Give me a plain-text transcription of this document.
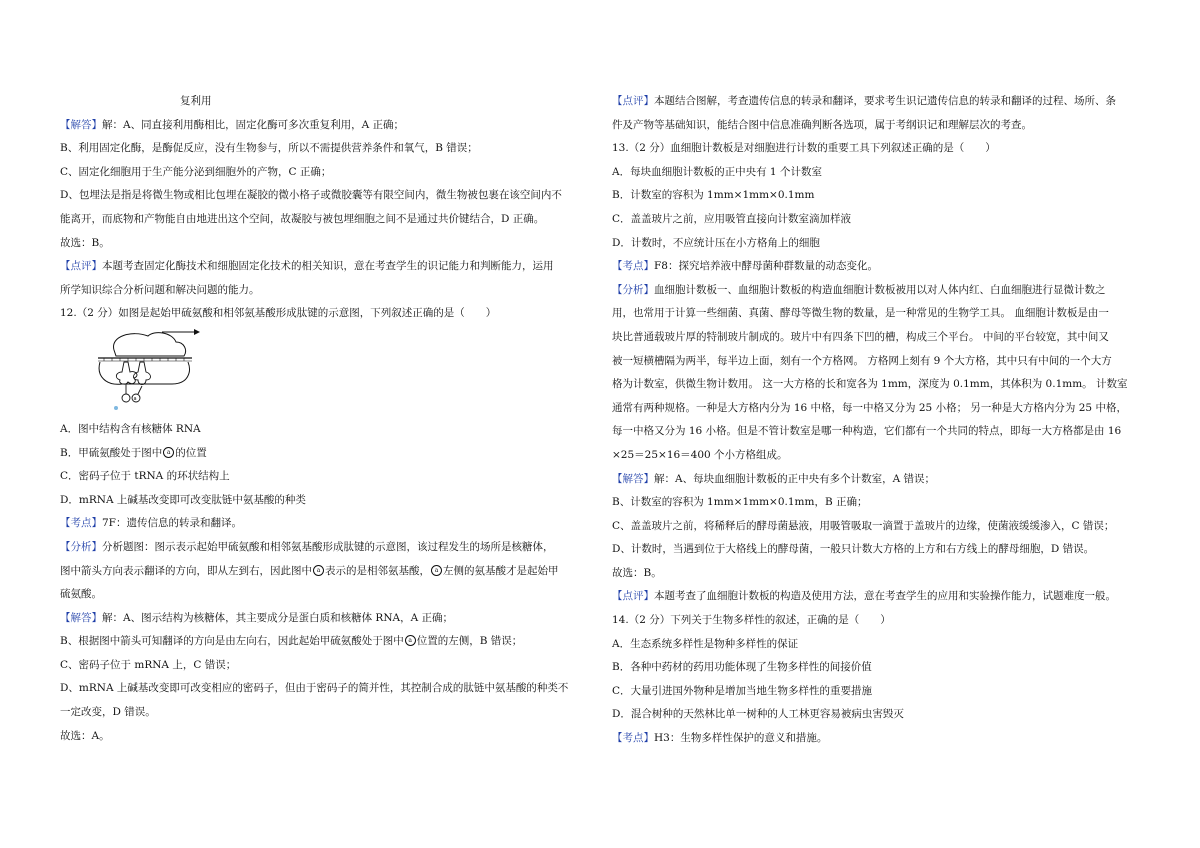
复利用

【解答】解：A、同直接利用酶相比，固定化酶可多次重复利用，A 正确；

B、利用固定化酶，是酶促反应，没有生物参与，所以不需提供营养条件和氧气，B 错误；

C、固定化细胞用于生产能分泌到细胞外的产物，C 正确；

D、包埋法是指是将微生物或相比包埋在凝胶的微小格子或微胶囊等有限空间内，微生物被包裹在该空间内不

能离开，而底物和产物能自由地进出这个空间，故凝胶与被包埋细胞之间不是通过共价键结合，D 正确。

故选：B。

【点评】本题考查固定化酶技术和细胞固定化技术的相关知识，意在考查学生的识记能力和判断能力，运用

所学知识综合分析问题和解决问题的能力。

12.（2 分）如图是起始甲硫氨酸和相邻氨基酸形成肽键的示意图，下列叙述正确的是（　　）

a

A．图中结构含有核糖体 RNA

B．甲硫氨酸处于图中 a 的位置

C．密码子位于 tRNA 的环状结构上

D．mRNA 上碱基改变即可改变肽链中氨基酸的种类

【考点】7F：遗传信息的转录和翻译。

【分析】分析题图：图示表示起始甲硫氨酸和相邻氨基酸形成肽键的示意图，该过程发生的场所是核糖体，

图中箭头方向表示翻译的方向，即从左到右，因此图中 a 表示的是相邻氨基酸， a 左侧的氨基酸才是起始甲

硫氨酸。

【解答】解：A、图示结构为核糖体，其主要成分是蛋白质和核糖体 RNA，A 正确；

B、根据图中箭头可知翻译的方向是由左向右，因此起始甲硫氨酸处于图中 a 位置的左侧，B 错误；

C、密码子位于 mRNA 上，C 错误；

D、mRNA 上碱基改变即可改变相应的密码子，但由于密码子的简并性，其控制合成的肽链中氨基酸的种类不

一定改变，D 错误。

故选：A。

【点评】本题结合图解，考查遗传信息的转录和翻译，要求考生识记遗传信息的转录和翻译的过程、场所、条

件及产物等基础知识，能结合图中信息准确判断各选项，属于考纲识记和理解层次的考查。

13.（2 分）血细胞计数板是对细胞进行计数的重要工具下列叙述正确的是（　　）

A．每块血细胞计数板的正中央有 1 个计数室

B．计数室的容积为 1mm×1mm×0.1mm

C．盖盖玻片之前，应用吸管直接向计数室滴加样液

D．计数时，不应统计压在小方格角上的细胞

【考点】F8：探究培养液中酵母菌种群数量的动态变化。

【分析】血细胞计数板一、血细胞计数板的构造血细胞计数板被用以对人体内红、白血细胞进行显微计数之

用，也常用于计算一些细菌、真菌、酵母等微生物的数量，是一种常见的生物学工具。 血细胞计数板是由一

块比普通载玻片厚的特制玻片制成的。玻片中有四条下凹的槽，构成三个平台。 中间的平台较宽，其中间又

被一短横槽隔为两半，每半边上面，刻有一个方格网。 方格网上刻有 9 个大方格，其中只有中间的一个大方

格为计数室，供微生物计数用。 这一大方格的长和宽各为 1mm，深度为 0.1mm，其体积为 0.1mm。 计数室

通常有两种规格。一种是大方格内分为 16 中格，每一中格又分为 25 小格； 另一种是大方格内分为 25 中格，

每一中格又分为 16 小格。但是不管计数室是哪一种构造，它们都有一个共同的特点，即每一大方格都是由 16

×25＝25×16＝400 个小方格组成。

【解答】解：A、每块血细胞计数板的正中央有多个计数室，A 错误；

B、计数室的容积为 1mm×1mm×0.1mm，B 正确；

C、盖盖玻片之前，将稀释后的酵母菌悬液，用吸管吸取一滴置于盖玻片的边缘，使菌液缓缓渗入，C 错误；

D、计数时，当遇到位于大格线上的酵母菌，一般只计数大方格的上方和右方线上的酵母细胞，D 错误。

故选：B。

【点评】本题考查了血细胞计数板的构造及使用方法，意在考查学生的应用和实验操作能力，试题难度一般。

14.（2 分）下列关于生物多样性的叙述，正确的是（　　）

A．生态系统多样性是物种多样性的保证

B．各种中药材的药用功能体现了生物多样性的间接价值

C．大量引进国外物种是增加当地生物多样性的重要措施

D．混合树种的天然林比单一树种的人工林更容易被病虫害毁灭

【考点】H3：生物多样性保护的意义和措施。
